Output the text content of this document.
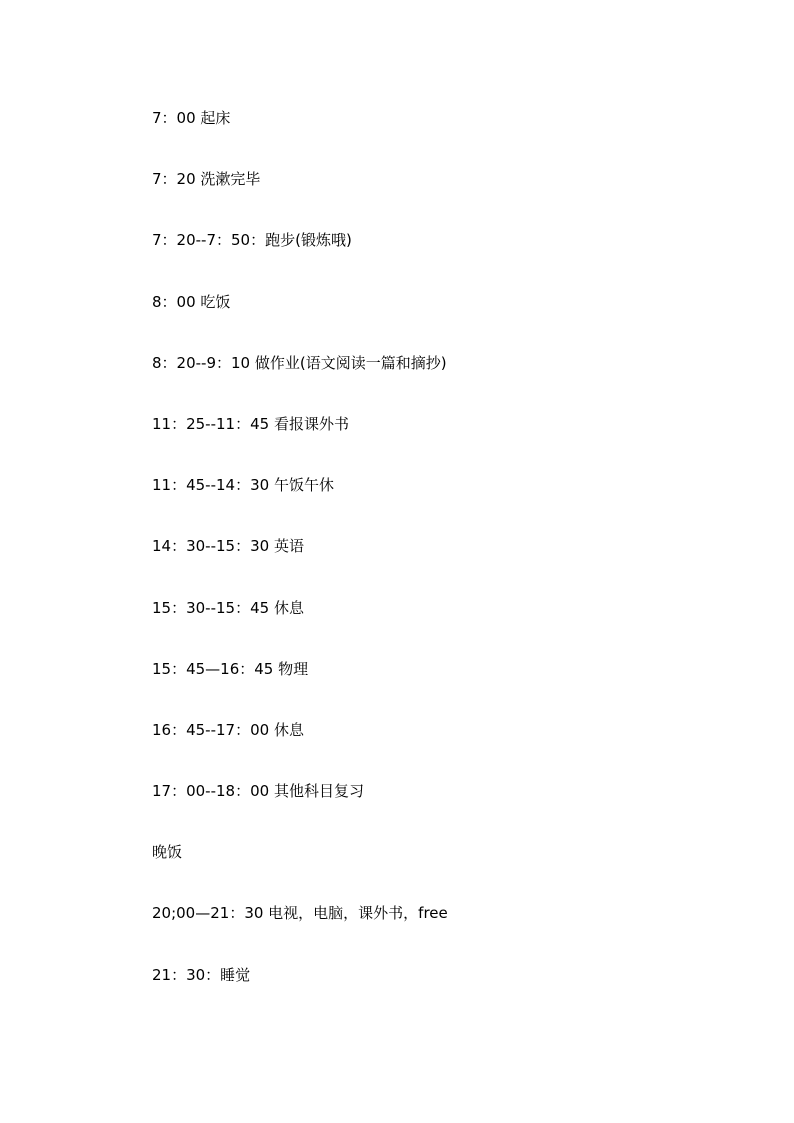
7：00 起床
7：20 洗漱完毕
7：20--7：50：跑步(锻炼哦)
8：00 吃饭
8：20--9：10 做作业(语文阅读一篇和摘抄)
11：25--11：45 看报课外书
11：45--14：30 午饭午休
14：30--15：30 英语
15：30--15：45 休息
15：45—16：45 物理
16：45--17：00 休息
17：00--18：00 其他科目复习
晚饭
20;00—21：30 电视，电脑，课外书，free
21：30：睡觉
